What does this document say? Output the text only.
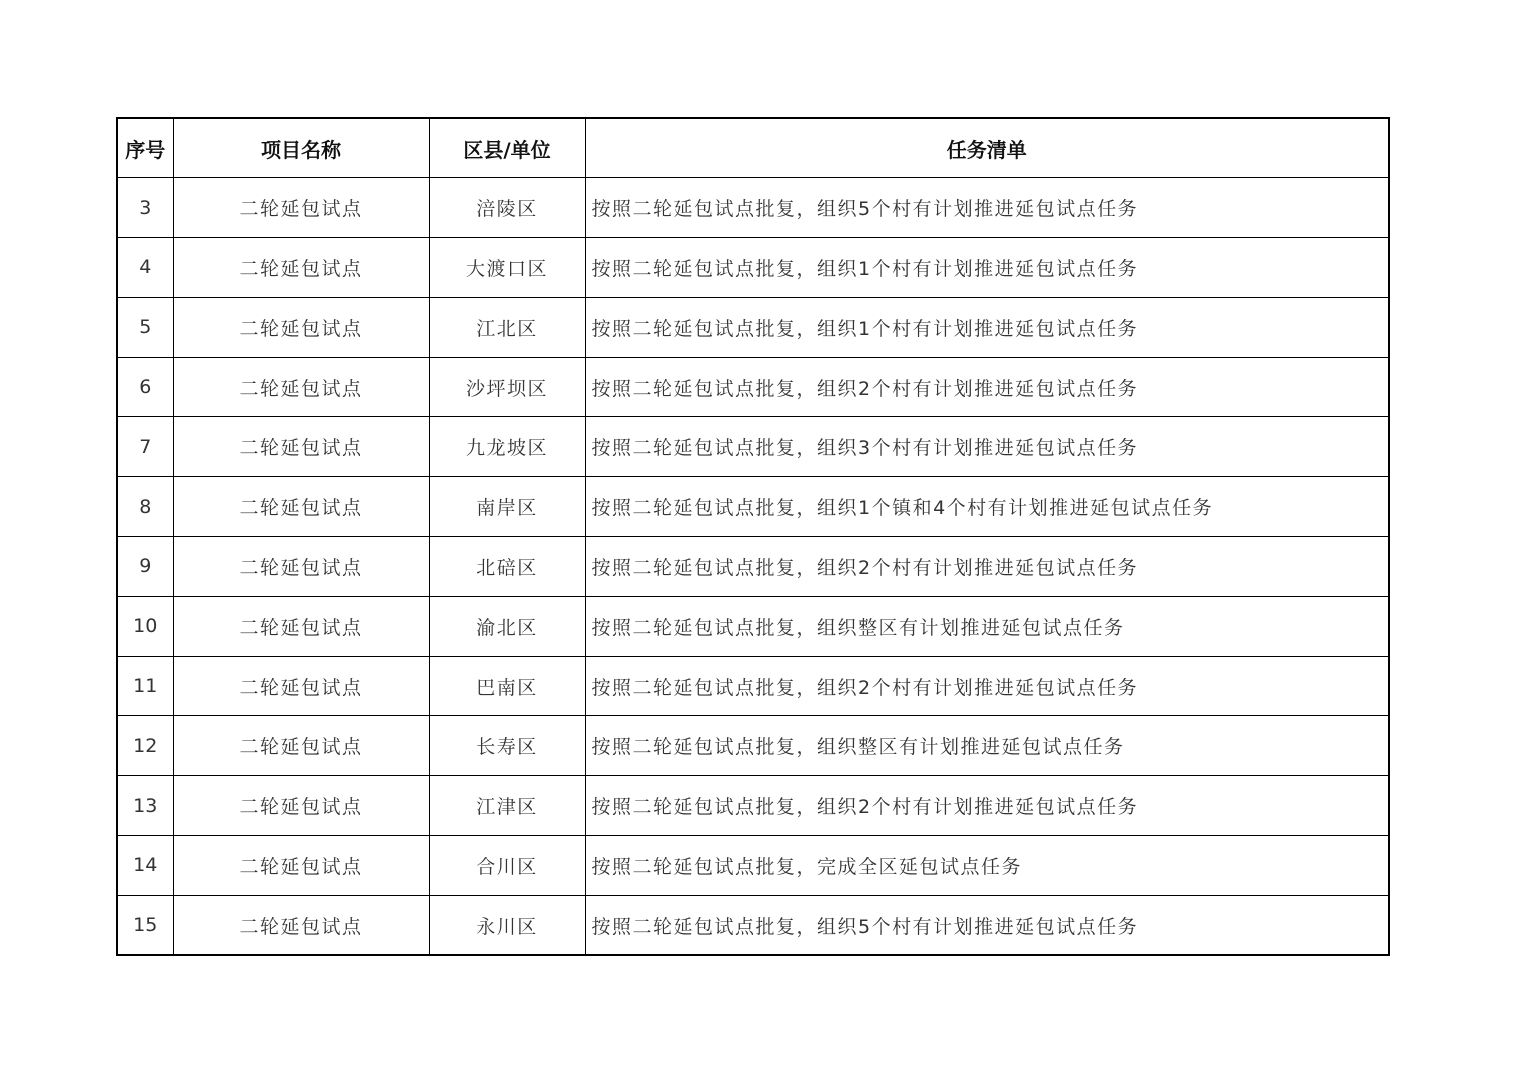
序号	项目名称	区县/单位	任务清单
3	二轮延包试点	涪陵区	按照二轮延包试点批复，组织5个村有计划推进延包试点任务
4	二轮延包试点	大渡口区	按照二轮延包试点批复，组织1个村有计划推进延包试点任务
5	二轮延包试点	江北区	按照二轮延包试点批复，组织1个村有计划推进延包试点任务
6	二轮延包试点	沙坪坝区	按照二轮延包试点批复，组织2个村有计划推进延包试点任务
7	二轮延包试点	九龙坡区	按照二轮延包试点批复，组织3个村有计划推进延包试点任务
8	二轮延包试点	南岸区	按照二轮延包试点批复，组织1个镇和4个村有计划推进延包试点任务
9	二轮延包试点	北碚区	按照二轮延包试点批复，组织2个村有计划推进延包试点任务
10	二轮延包试点	渝北区	按照二轮延包试点批复，组织整区有计划推进延包试点任务
11	二轮延包试点	巴南区	按照二轮延包试点批复，组织2个村有计划推进延包试点任务
12	二轮延包试点	长寿区	按照二轮延包试点批复，组织整区有计划推进延包试点任务
13	二轮延包试点	江津区	按照二轮延包试点批复，组织2个村有计划推进延包试点任务
14	二轮延包试点	合川区	按照二轮延包试点批复，完成全区延包试点任务
15	二轮延包试点	永川区	按照二轮延包试点批复，组织5个村有计划推进延包试点任务
